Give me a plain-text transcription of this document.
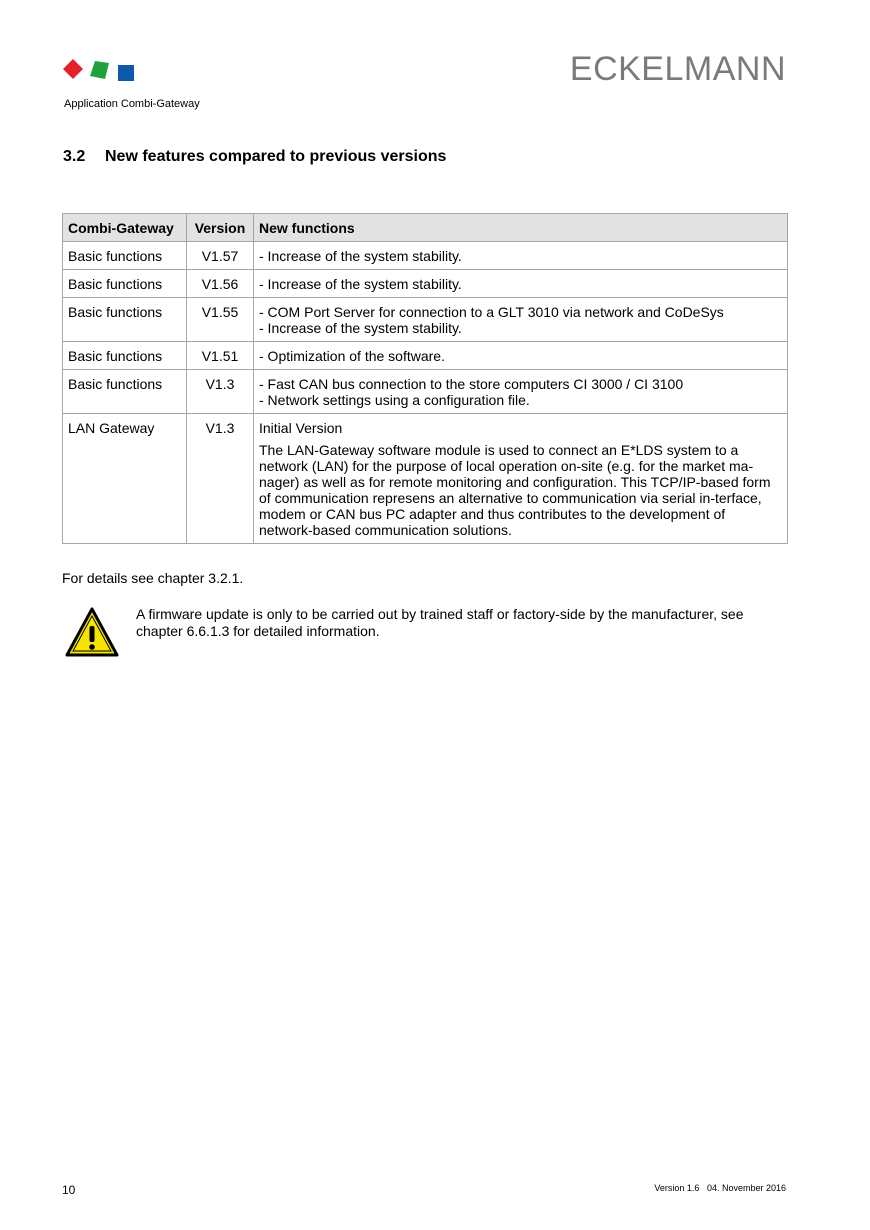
ECKELMANN
Application Combi-Gateway
3.2 New features compared to previous versions
Combi-Gateway	Version	New functions
Basic functions	V1.57	- Increase of the system stability.

Basic functions	V1.56	- Increase of the system stability.

Basic functions	V1.55	- COM Port Server for connection to a GLT 3010 via network and CoDeSys
- Increase of the system stability.

Basic functions	V1.51	- Optimization of the software.

Basic functions	V1.3	- Fast CAN bus connection to the store computers CI 3000 / CI 3100
- Network settings using a configuration file.

LAN Gateway	V1.3	Initial Version

The LAN-Gateway software module is used to connect an E*LDS system to a network (LAN) for the purpose of local operation on-site (e.g. for the market ma-nager) as well as for remote monitoring and configuration. This TCP/IP-based form of communication represens an alternative to communication via serial in-terface, modem or CAN bus PC adapter and thus contributes to the development of network-based communication solutions.

For details see chapter 3.2.1.
A firmware update is only to be carried out by trained staff or factory-side by the manufacturer, see chapter 6.6.1.3 for detailed information.
10	Version 1.6   04. November 2016
